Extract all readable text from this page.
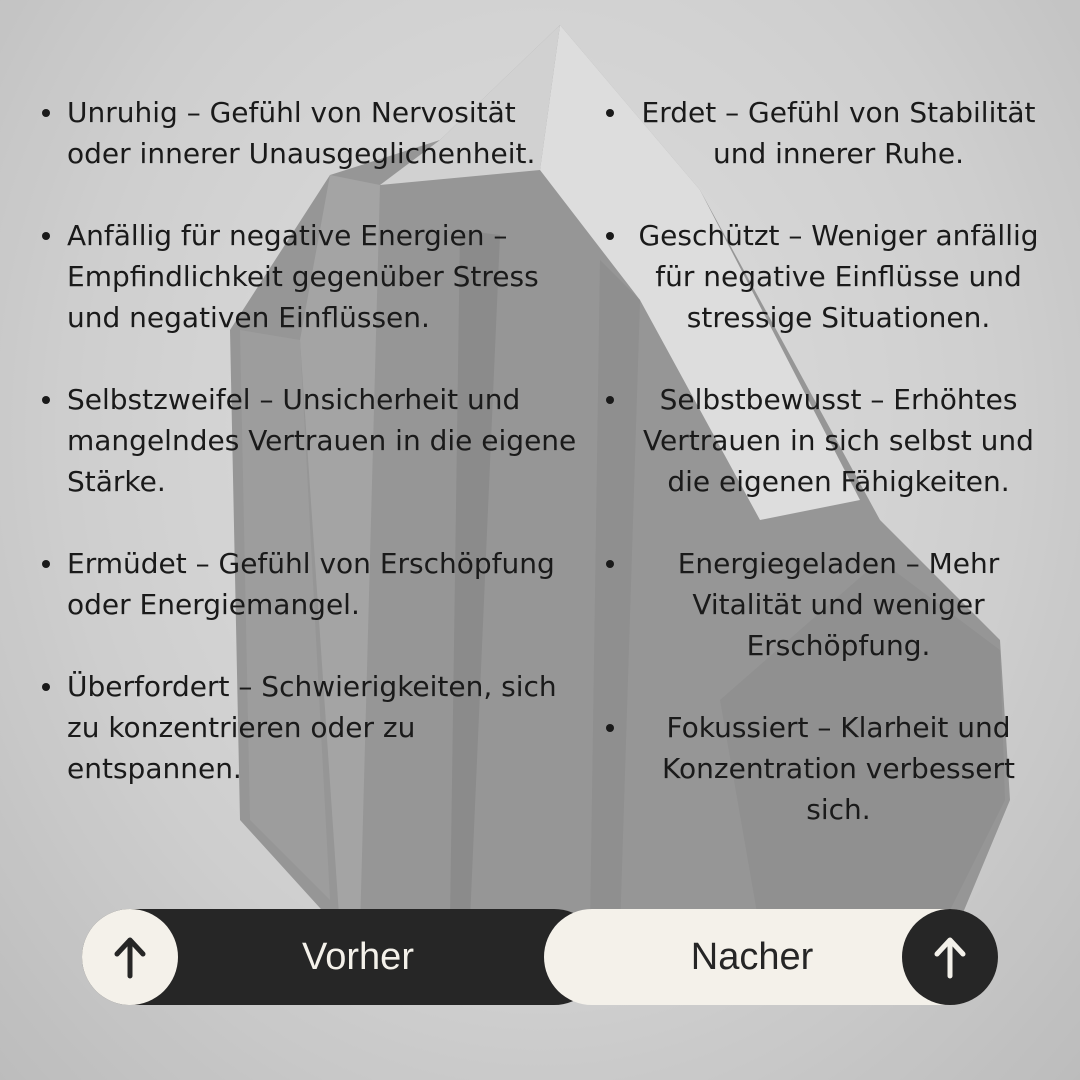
Unruhig – Gefühl von Nervosität oder innerer Unausgeglichenheit.
Anfällig für negative Energien – Empfindlichkeit gegenüber Stress und negativen Einflüssen.
Selbstzweifel – Unsicherheit und mangelndes Vertrauen in die eigene Stärke.
Ermüdet – Gefühl von Erschöpfung oder Energiemangel.
Überfordert – Schwierigkeiten, sich zu konzentrieren oder zu entspannen.
Erdet – Gefühl von Stabilität und innerer Ruhe.
Geschützt – Weniger anfällig für negative Einflüsse und stressige Situationen.
Selbstbewusst – Erhöhtes Vertrauen in sich selbst und die eigenen Fähigkeiten.
Energiegeladen – Mehr Vitalität und weniger Erschöpfung.
Fokussiert – Klarheit und Konzentration verbessert sich.
Vorher	Nacher
